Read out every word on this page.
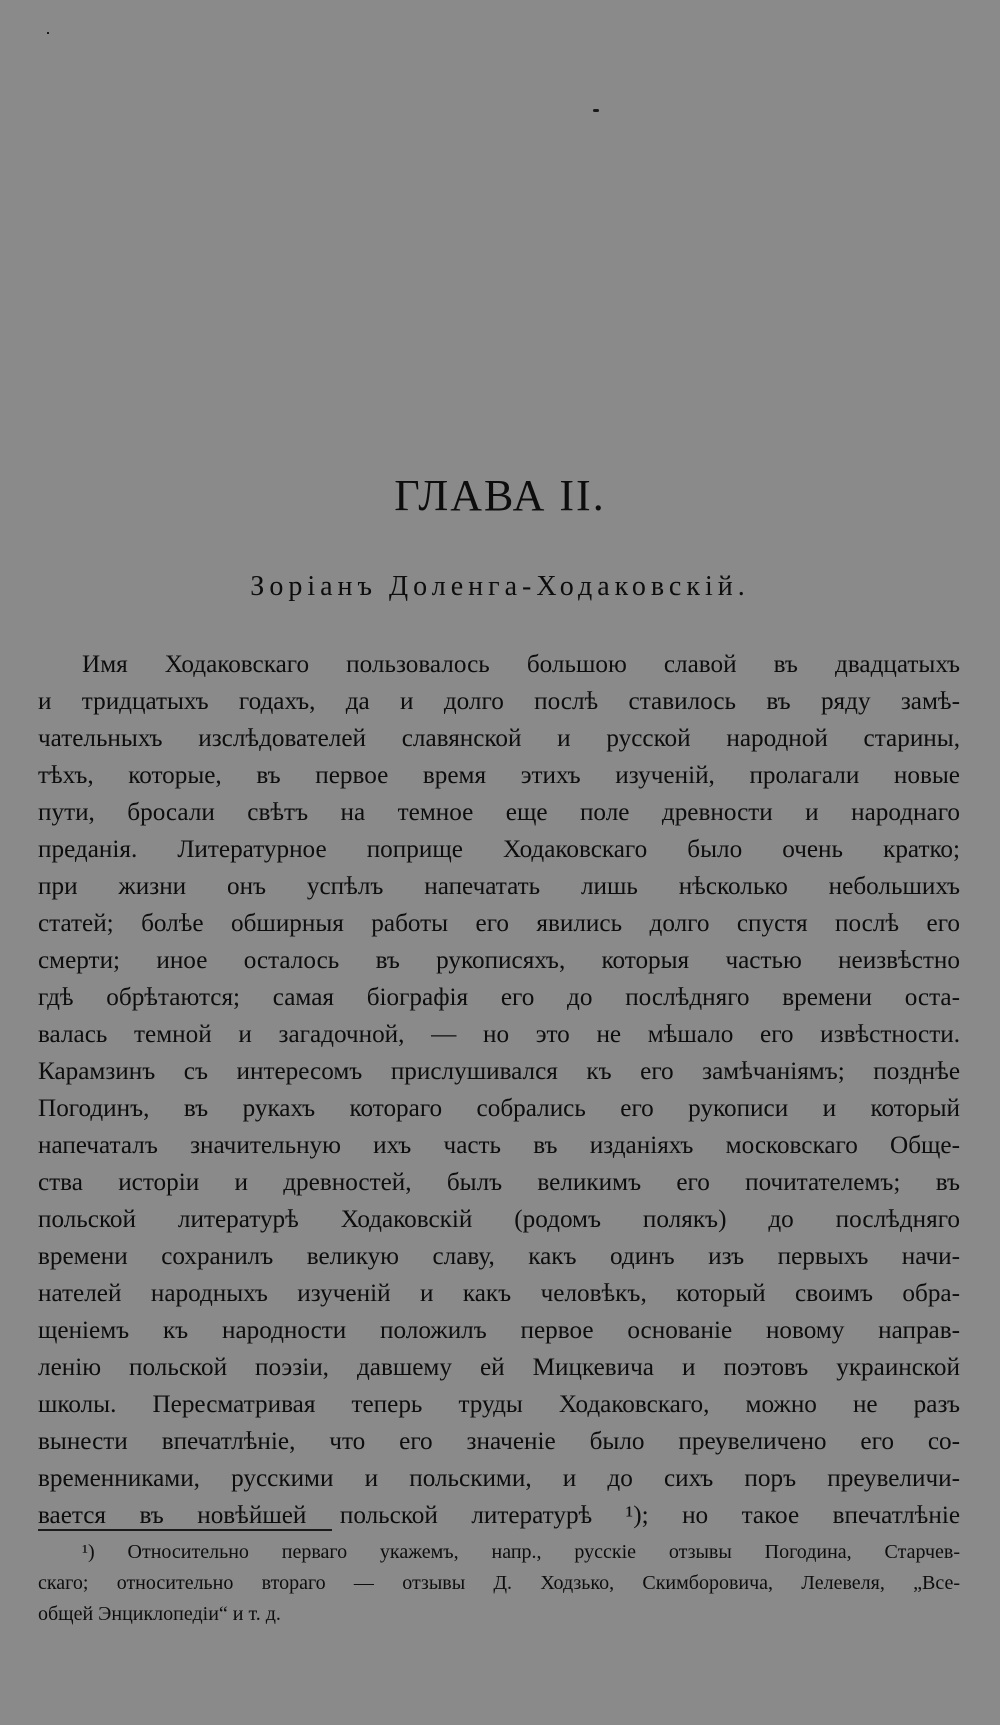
ГЛАВА II.
Зоріанъ Доленга-Ходаковскій.
Имя Ходаковскаго пользовалось большою славой въ двадцатыхъ
и тридцатыхъ годахъ, да и долго послѣ ставилось въ ряду замѣ-
чательныхъ изслѣдователей славянской и русской народной старины,
тѣхъ, которые, въ первое время этихъ изученій, пролагали новые
пути, бросали свѣтъ на темное еще поле древности и народнаго
преданія. Литературное поприще Ходаковскаго было очень кратко;
при жизни онъ успѣлъ напечатать лишь нѣсколько небольшихъ
статей; болѣе обширныя работы его явились долго спустя послѣ его
смерти; иное осталось въ рукописяхъ, которыя частью неизвѣстно
гдѣ обрѣтаются; самая біографія его до послѣдняго времени оста-
валась темной и загадочной, — но это не мѣшало его извѣстности.
Карамзинъ съ интересомъ прислушивался къ его замѣчаніямъ; позднѣе
Погодинъ, въ рукахъ котораго собрались его рукописи и который
напечаталъ значительную ихъ часть въ изданіяхъ московскаго Обще-
ства исторіи и древностей, былъ великимъ его почитателемъ; въ
польской литературѣ Ходаковскій (родомъ полякъ) до послѣдняго
времени сохранилъ великую славу, какъ одинъ изъ первыхъ начи-
нателей народныхъ изученій и какъ человѣкъ, который своимъ обра-
щеніемъ къ народности положилъ первое основаніе новому направ-
ленію польской поэзіи, давшему ей Мицкевича и поэтовъ украинской
школы. Пересматривая теперь труды Ходаковскаго, можно не разъ
вынести впечатлѣніе, что его значеніе было преувеличено его со-
временниками, русскими и польскими, и до сихъ поръ преувеличи-
вается въ новѣйшей польской литературѣ ¹); но такое впечатлѣніе
¹) Относительно перваго укажемъ, напр., русскіе отзывы Погодина, Старчев-
скаго; относительно втораго — отзывы Д. Ходзько, Скимборовича, Лелевеля, „Все-
общей Энциклопедіи“ и т. д.
